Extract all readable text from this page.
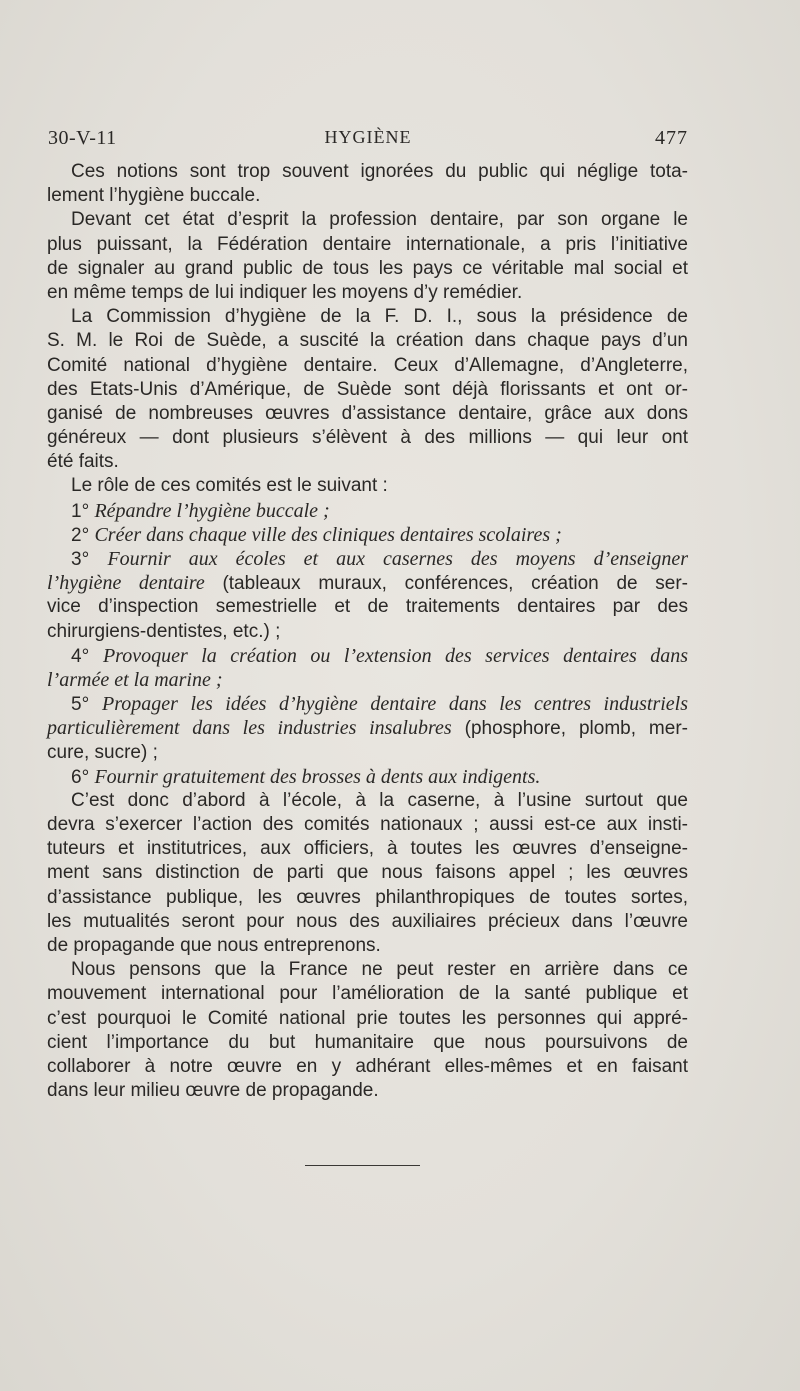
30-V-11	HYGIÈNE	477
Ces notions sont trop souvent ignorées du public qui néglige tota-
lement l’hygiène buccale.
Devant cet état d’esprit la profession dentaire, par son organe le
plus puissant, la Fédération dentaire internationale, a pris l’initiative
de signaler au grand public de tous les pays ce véritable mal social et
en même temps de lui indiquer les moyens d’y remédier.
La Commission d’hygiène de la F. D. I., sous la présidence de
S. M. le Roi de Suède, a suscité la création dans chaque pays d’un
Comité national d’hygiène dentaire. Ceux d’Allemagne, d’Angleterre,
des Etats-Unis d’Amérique, de Suède sont déjà florissants et ont or-
ganisé de nombreuses œuvres d’assistance dentaire, grâce aux dons
généreux — dont plusieurs s’élèvent à des millions — qui leur ont
été faits.
Le rôle de ces comités est le suivant :
1° Répandre l’hygiène buccale ;
2° Créer dans chaque ville des cliniques dentaires scolaires ;
3° Fournir aux écoles et aux casernes des moyens d’enseigner
l’hygiène dentaire (tableaux muraux, conférences, création de ser-
vice d’inspection semestrielle et de traitements dentaires par des
chirurgiens-dentistes, etc.) ;
4° Provoquer la création ou l’extension des services dentaires dans
l’armée et la marine ;
5° Propager les idées d’hygiène dentaire dans les centres industriels
particulièrement dans les industries insalubres (phosphore, plomb, mer-
cure, sucre) ;
6° Fournir gratuitement des brosses à dents aux indigents.
C’est donc d’abord à l’école, à la caserne, à l’usine surtout que
devra s’exercer l’action des comités nationaux ; aussi est-ce aux insti-
tuteurs et institutrices, aux officiers, à toutes les œuvres d’enseigne-
ment sans distinction de parti que nous faisons appel ; les œuvres
d’assistance publique, les œuvres philanthropiques de toutes sortes,
les mutualités seront pour nous des auxiliaires précieux dans l’œuvre
de propagande que nous entreprenons.
Nous pensons que la France ne peut rester en arrière dans ce
mouvement international pour l’amélioration de la santé publique et
c’est pourquoi le Comité national prie toutes les personnes qui appré-
cient l’importance du but humanitaire que nous poursuivons de
collaborer à notre œuvre en y adhérant elles-mêmes et en faisant
dans leur milieu œuvre de propagande.
